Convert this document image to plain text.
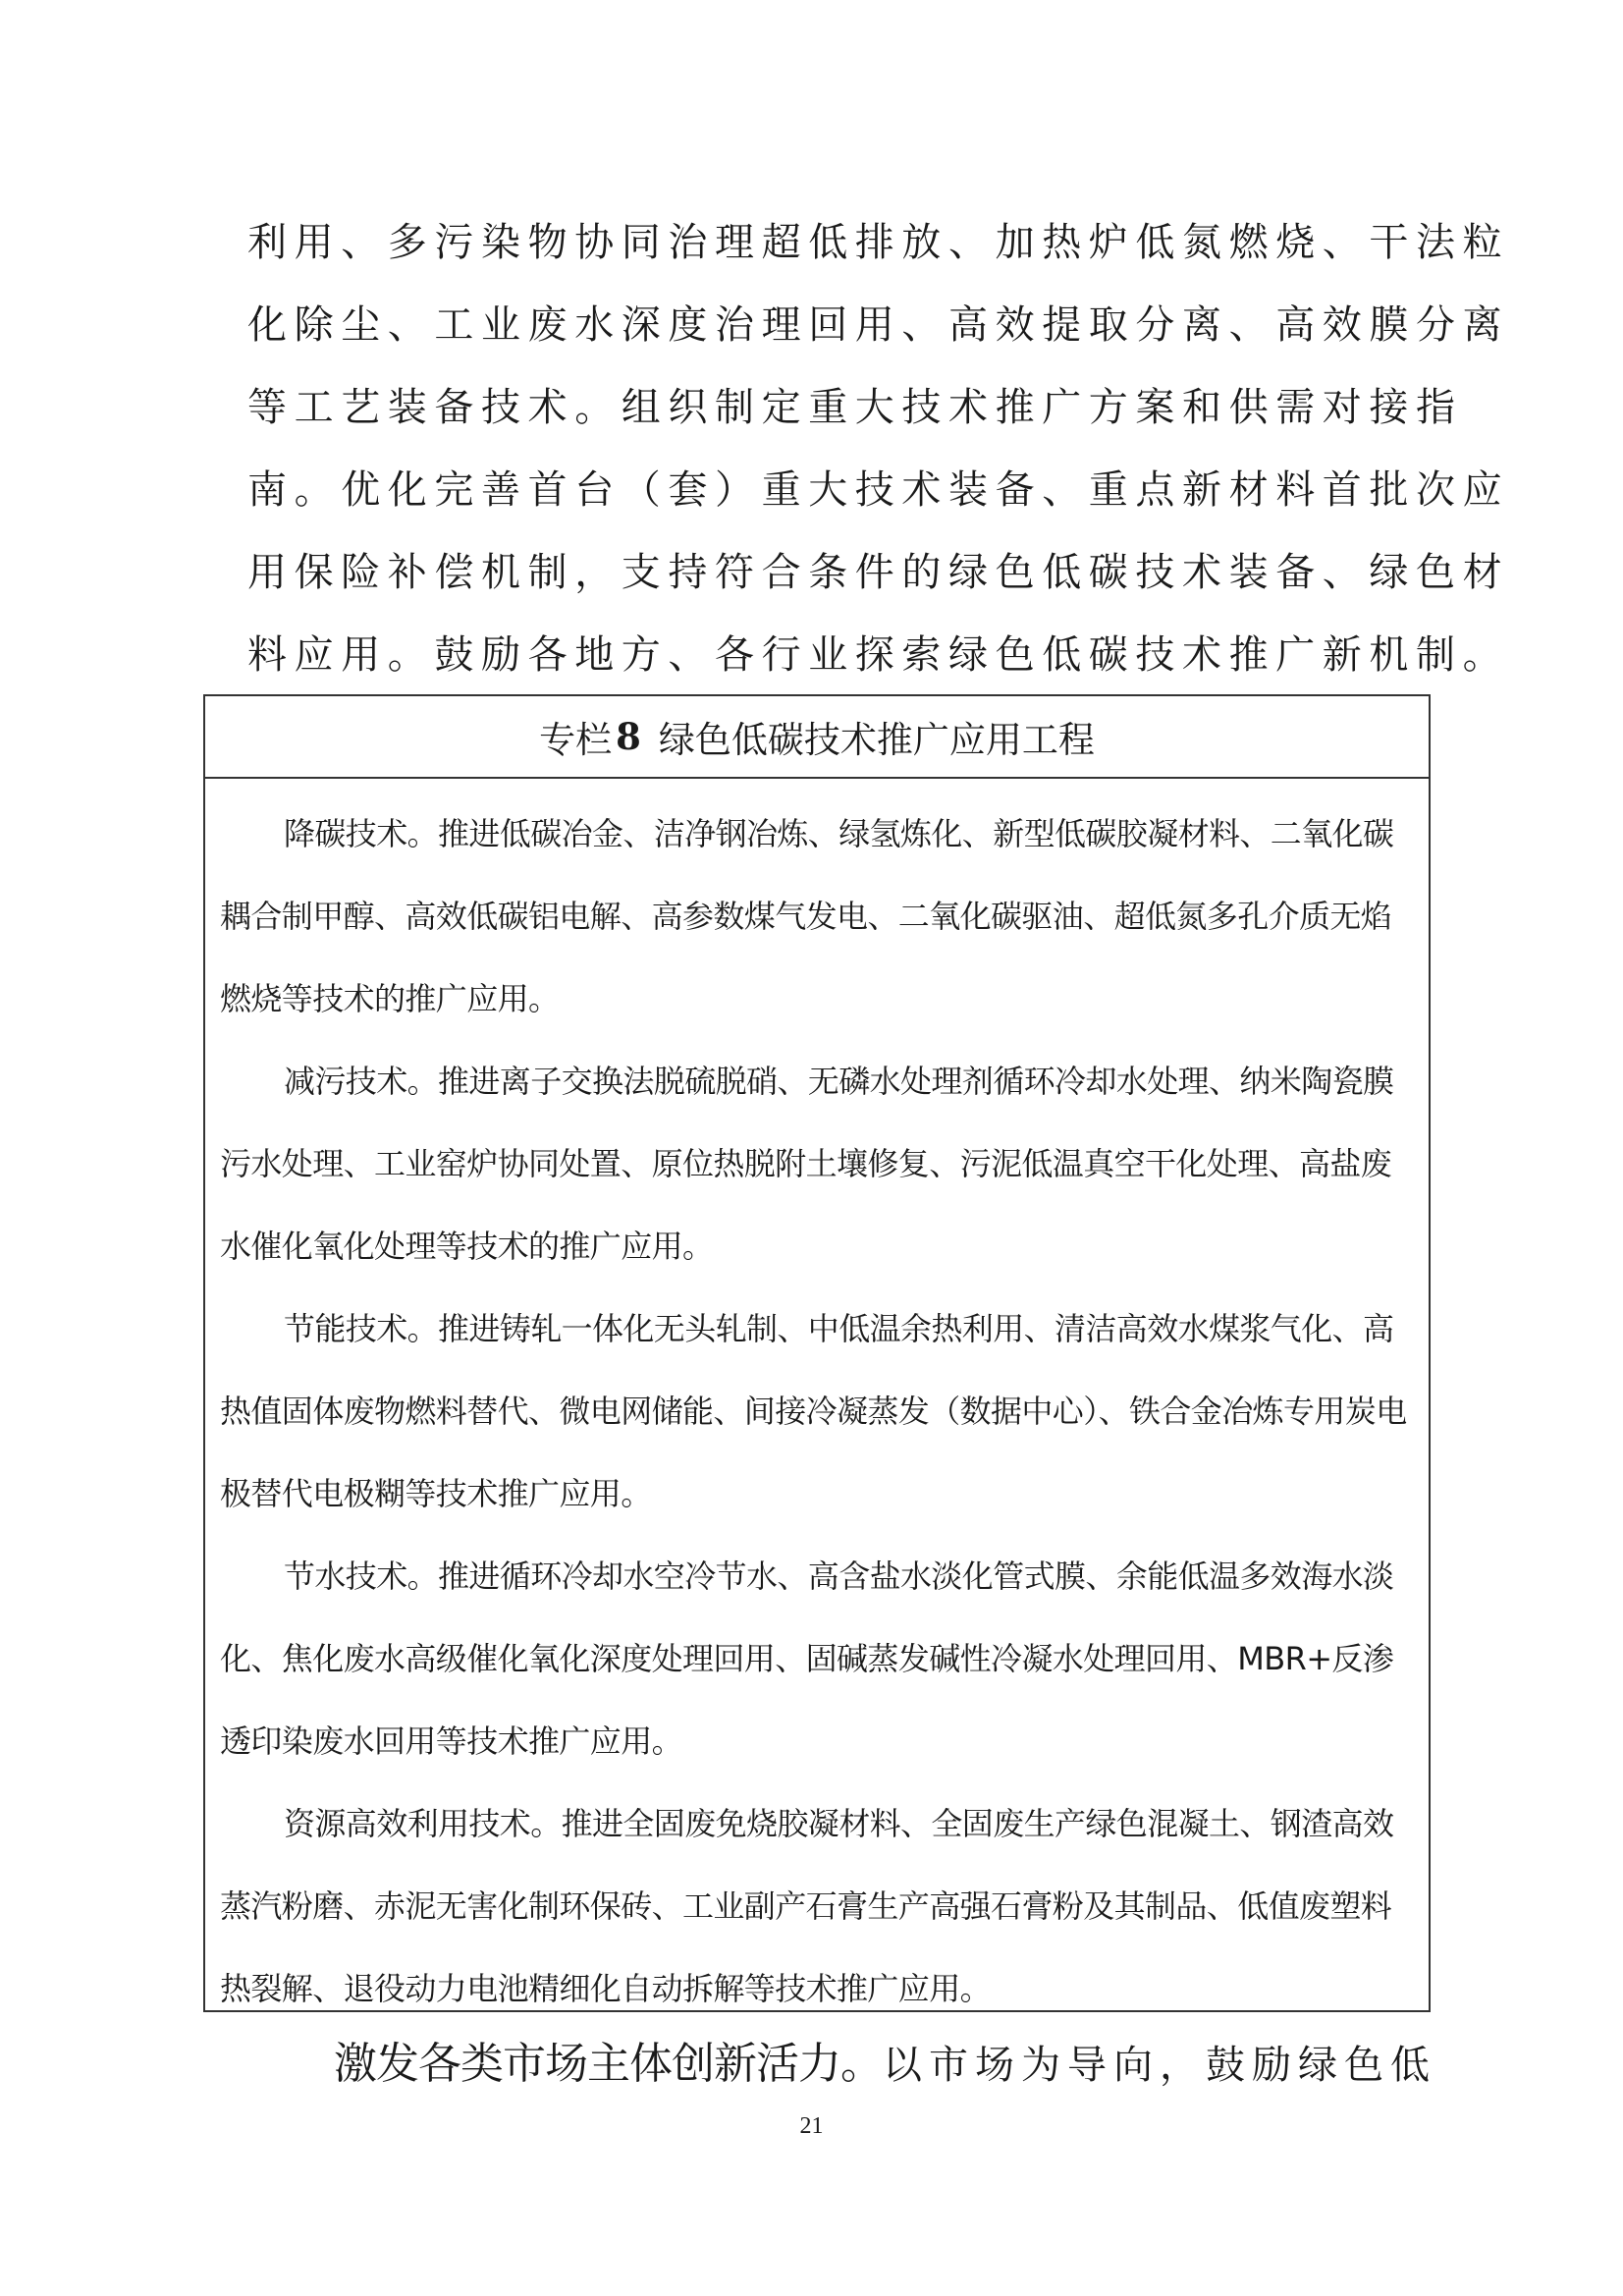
利用、多污染物协同治理超低排放、加热炉低氮燃烧、干法粒
化除尘、工业废水深度治理回用、高效提取分离、高效膜分离
等工艺装备技术。组织制定重大技术推广方案和供需对接指
南。优化完善首台（套）重大技术装备、重点新材料首批次应
用保险补偿机制，支持符合条件的绿色低碳技术装备、绿色材
料应用。鼓励各地方、各行业探索绿色低碳技术推广新机制。

专栏 8 绿色低碳技术推广应用工程
降碳技术。推进低碳冶金、洁净钢冶炼、绿氢炼化、新型低碳胶凝材料、二氧化碳
耦合制甲醇、高效低碳铝电解、高参数煤气发电、二氧化碳驱油、超低氮多孔介质无焰
燃烧等技术的推广应用。
减污技术。推进离子交换法脱硫脱硝、无磷水处理剂循环冷却水处理、纳米陶瓷膜
污水处理、工业窑炉协同处置、原位热脱附土壤修复、污泥低温真空干化处理、高盐废
水催化氧化处理等技术的推广应用。
节能技术。推进铸轧一体化无头轧制、中低温余热利用、清洁高效水煤浆气化、高
热值固体废物燃料替代、微电网储能、间接冷凝蒸发（数据中心）、铁合金冶炼专用炭电
极替代电极糊等技术推广应用。
节水技术。推进循环冷却水空冷节水、高含盐水淡化管式膜、余能低温多效海水淡
化、焦化废水高级催化氧化深度处理回用、固碱蒸发碱性冷凝水处理回用、MBR+反渗
透印染废水回用等技术推广应用。
资源高效利用技术。推进全固废免烧胶凝材料、全固废生产绿色混凝土、钢渣高效
蒸汽粉磨、赤泥无害化制环保砖、工业副产石膏生产高强石膏粉及其制品、低值废塑料
热裂解、退役动力电池精细化自动拆解等技术推广应用。

激发各类市场主体创新活力。以市场为导向，鼓励绿色低

21
